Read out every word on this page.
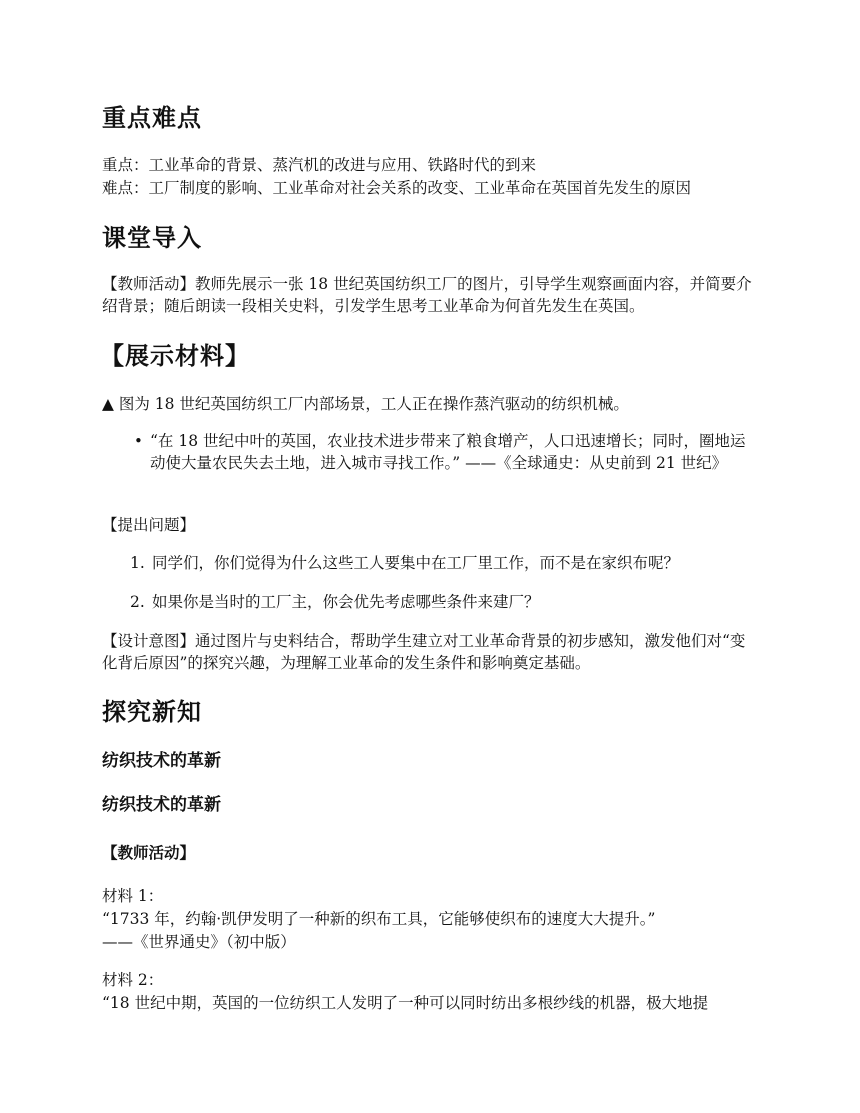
重点难点
重点：工业革命的背景、蒸汽机的改进与应用、铁路时代的到来
难点：工厂制度的影响、工业革命对社会关系的改变、工业革命在英国首先发生的原因
课堂导入
【教师活动】教师先展示一张 18 世纪英国纺织工厂的图片，引导学生观察画面内容，并简要介绍背景；随后朗读一段相关史料，引发学生思考工业革命为何首先发生在英国。
【展示材料】
▲ 图为 18 世纪英国纺织工厂内部场景，工人正在操作蒸汽驱动的纺织机械。
• “在 18 世纪中叶的英国，农业技术进步带来了粮食增产，人口迅速增长；同时，圈地运动使大量农民失去土地，进入城市寻找工作。” ——《全球通史：从史前到 21 世纪》
【提出问题】
1. 同学们，你们觉得为什么这些工人要集中在工厂里工作，而不是在家织布呢？
2. 如果你是当时的工厂主，你会优先考虑哪些条件来建厂？
【设计意图】通过图片与史料结合，帮助学生建立对工业革命背景的初步感知，激发他们对“变化背后原因”的探究兴趣，为理解工业革命的发生条件和影响奠定基础。
探究新知
纺织技术的革新
纺织技术的革新
【教师活动】
材料 1：
“1733 年，约翰·凯伊发明了一种新的织布工具，它能够使织布的速度大大提升。”
——《世界通史》（初中版）
材料 2：
“18 世纪中期，英国的一位纺织工人发明了一种可以同时纺出多根纱线的机器，极大地提
